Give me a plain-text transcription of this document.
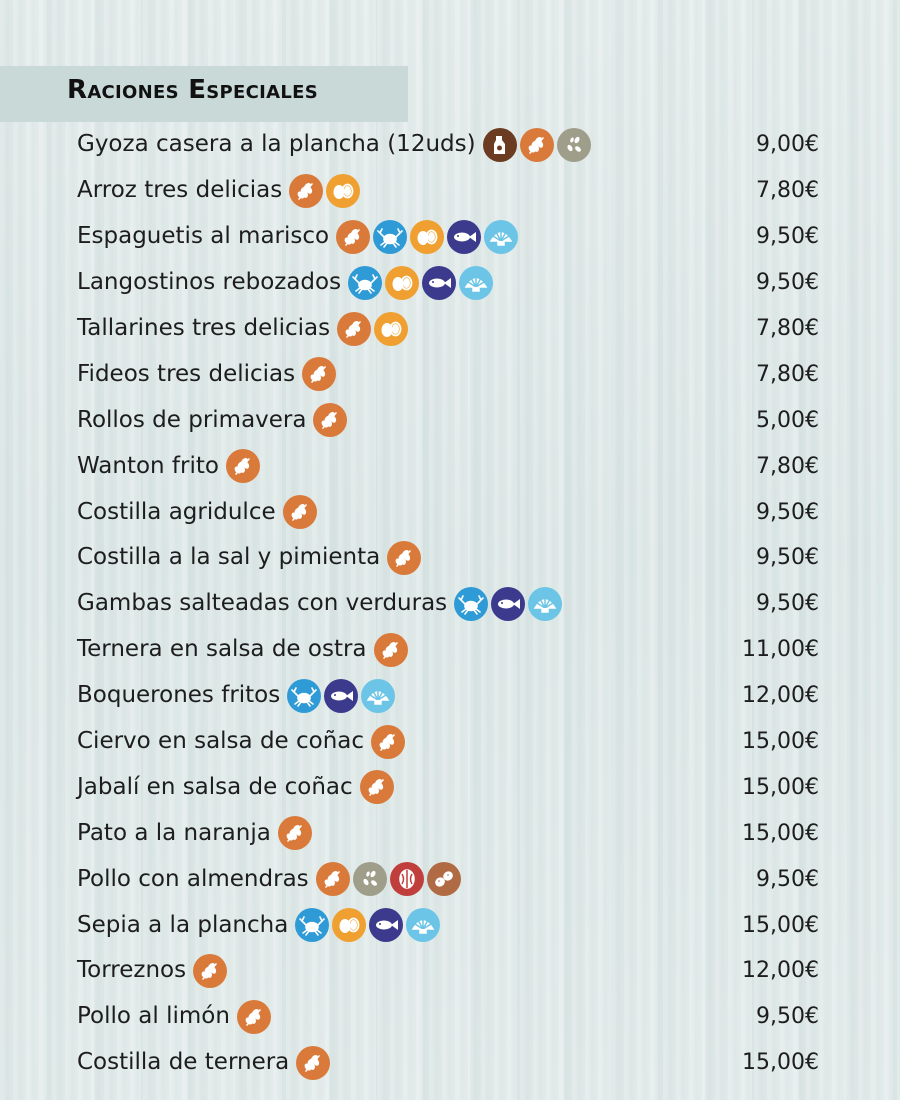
Raciones Especiales
Gyoza casera a la plancha (12uds)	9,00€
Arroz tres delicias	7,80€
Espaguetis al marisco	9,50€
Langostinos rebozados	9,50€
Tallarines tres delicias	7,80€
Fideos tres delicias	7,80€
Rollos de primavera	5,00€
Wanton frito	7,80€
Costilla agridulce	9,50€
Costilla a la sal y pimienta	9,50€
Gambas salteadas con verduras	9,50€
Ternera en salsa de ostra	11,00€
Boquerones fritos	12,00€
Ciervo en salsa de coñac	15,00€
Jabalí en salsa de coñac	15,00€
Pato a la naranja	15,00€
Pollo con almendras	9,50€
Sepia a la plancha	15,00€
Torreznos	12,00€
Pollo al limón	9,50€
Costilla de ternera	15,00€
